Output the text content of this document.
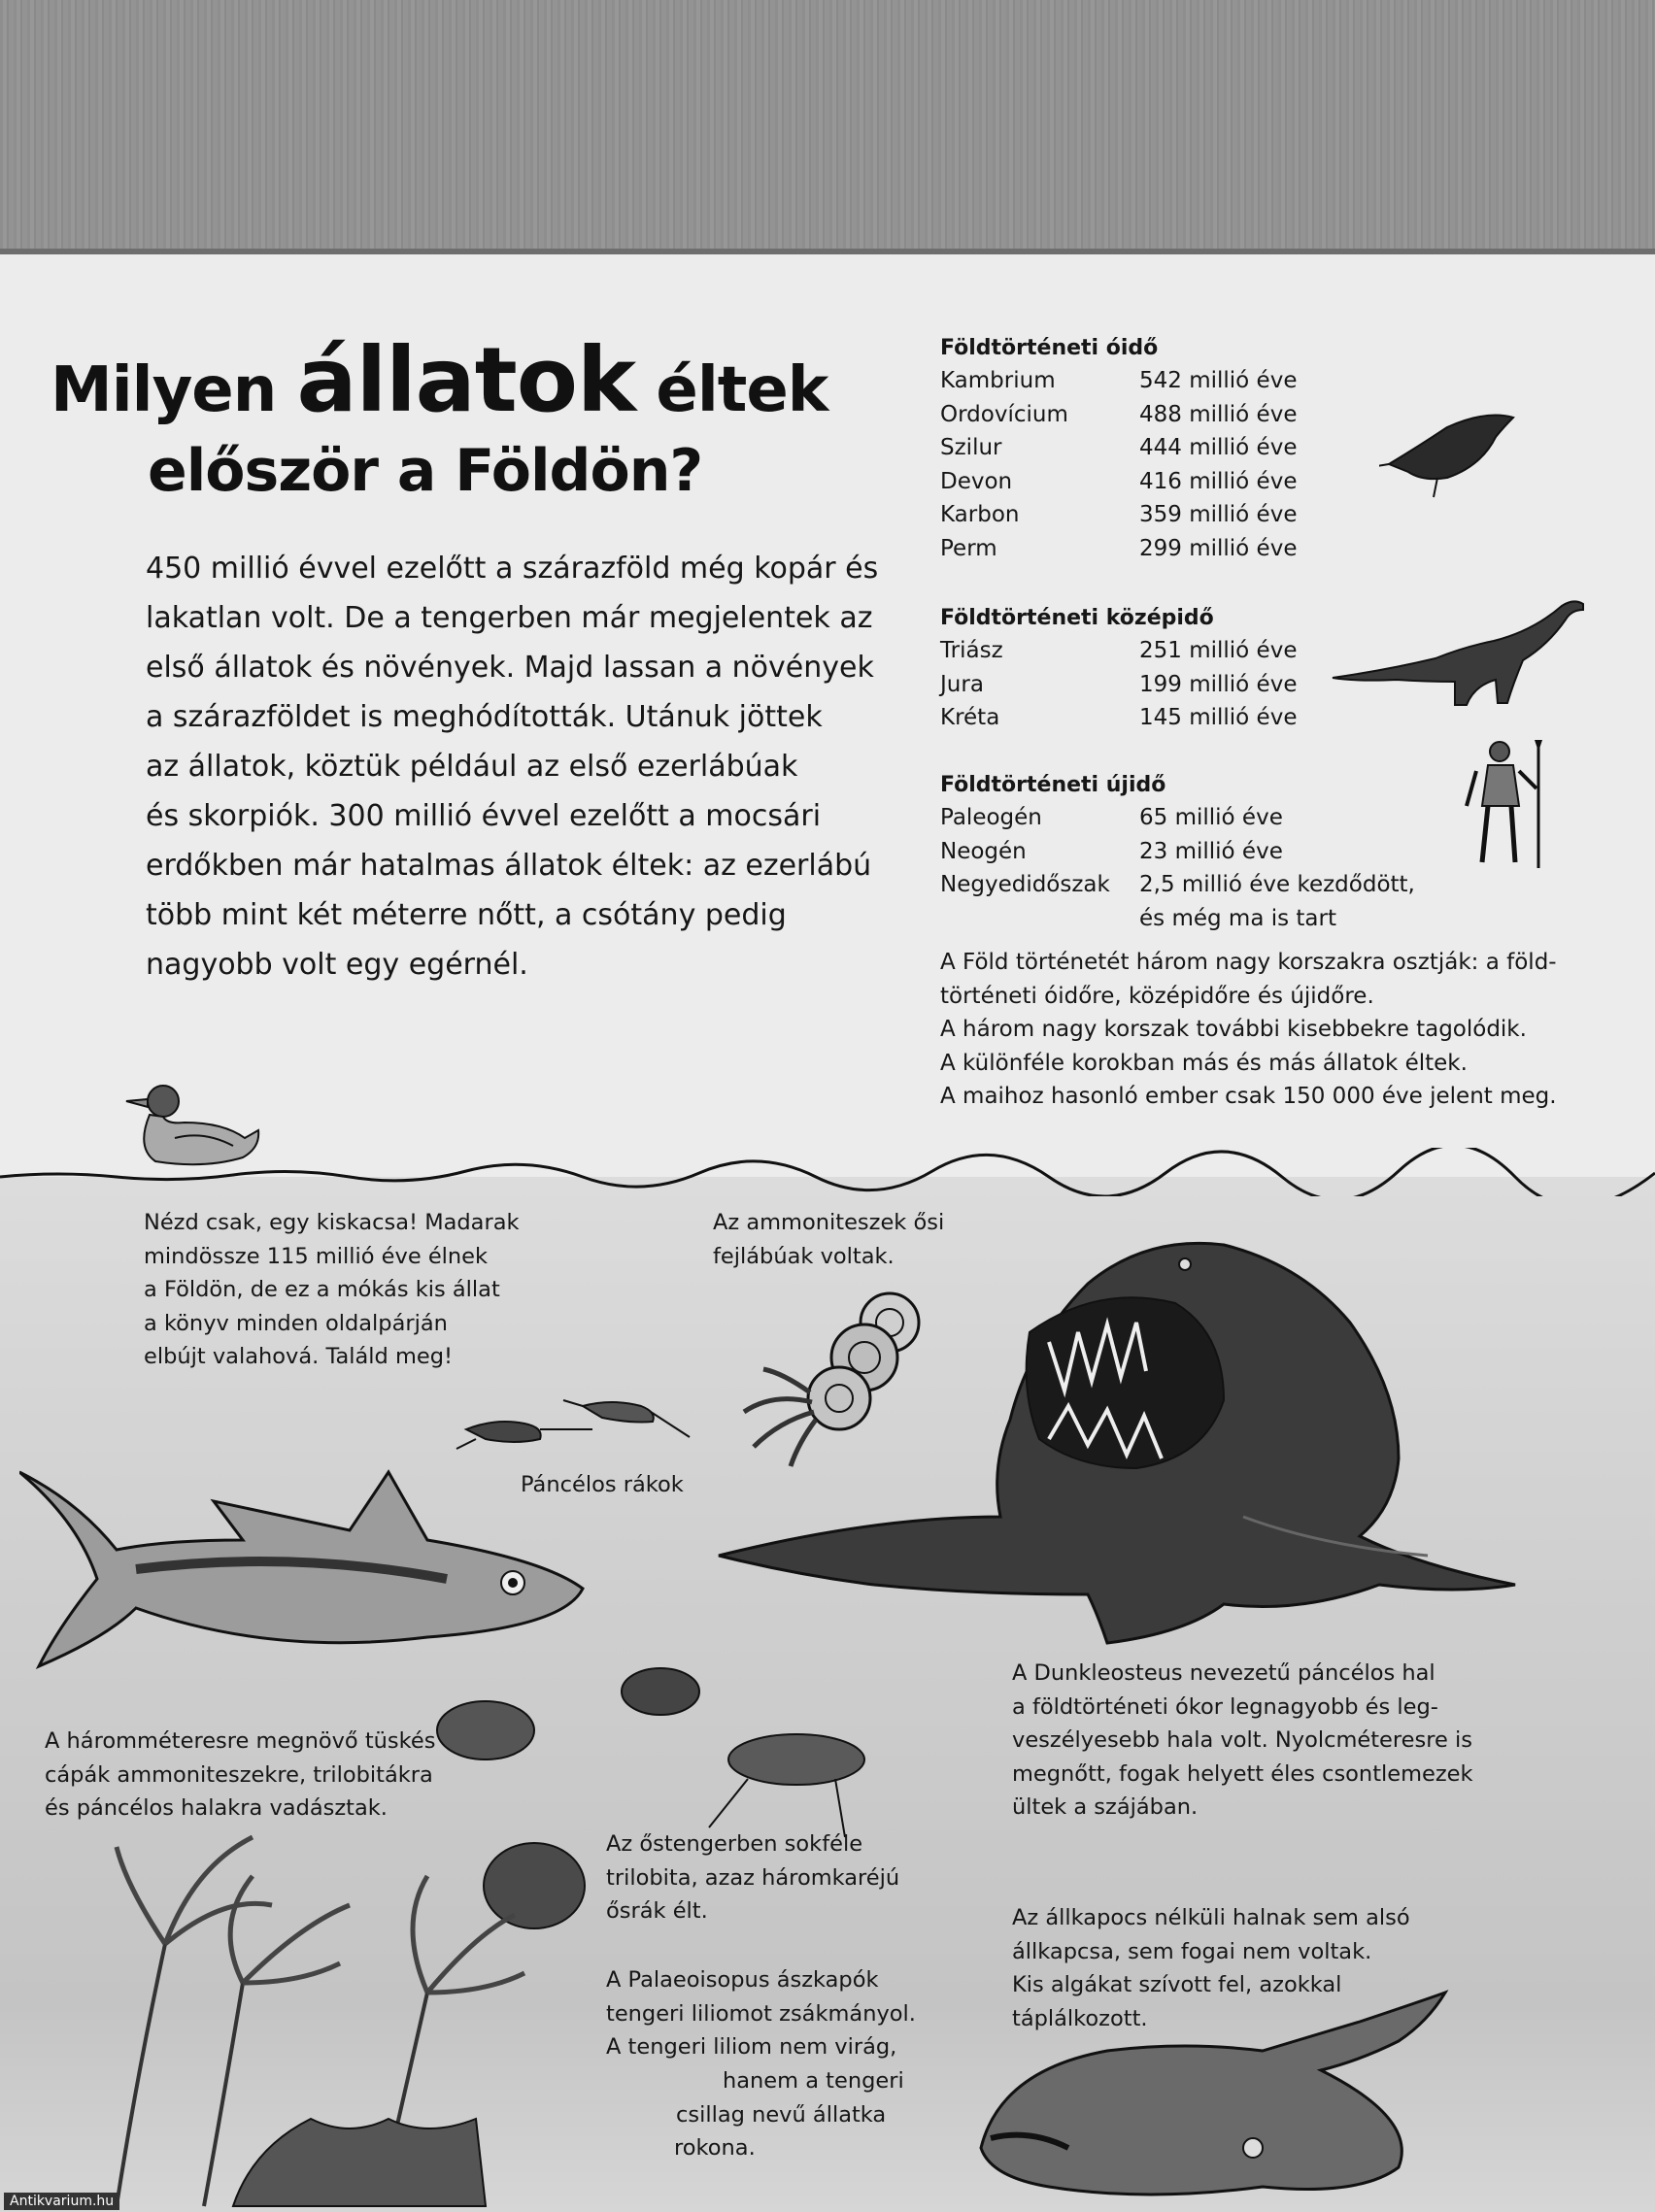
Milyen állatok éltek
először a Földön?

450 millió évvel ezelőtt a szárazföld még kopár és

lakatlan volt. De a tengerben már megjelentek az

első állatok és növények. Majd lassan a növények

a szárazföldet is meghódították. Utánuk jöttek

az állatok, köztük például az első ezerlábúak

és skorpiók. 300 millió évvel ezelőtt a mocsári

erdőkben már hatalmas állatok éltek: az ezerlábú

több mint két méterre nőtt, a csótány pedig

nagyobb volt egy egérnél.

Földtörténeti óidő
Kambrium	542 millió éve
Ordovícium	488 millió éve
Szilur	444 millió éve
Devon	416 millió éve
Karbon	359 millió éve
Perm	299 millió éve
Földtörténeti középidő
Triász	251 millió éve
Jura	199 millió éve
Kréta	145 millió éve
Földtörténeti újidő
Paleogén	65 millió éve
Neogén	23 millió éve
Negyedidőszak	2,5 millió éve kezdődött,
és még ma is tart

A Föld történetét három nagy korszakra osztják: a föld-

történeti óidőre, középidőre és újidőre.

A három nagy korszak további kisebbekre tagolódik.

A különféle korokban más és más állatok éltek.

A maihoz hasonló ember csak 150 000 éve jelent meg.

Nézd csak, egy kiskacsa! Madarak

mindössze 115 millió éve élnek

a Földön, de ez a mókás kis állat

a könyv minden oldalpárján

elbújt valahová. Találd meg!

Az ammoniteszek ősi

fejlábúak voltak.

Páncélos rákok

A háromméteresre megnövő tüskés

cápák ammoniteszekre, trilobitákra

és páncélos halakra vadásztak.

Az őstengerben sokféle

trilobita, azaz háromkaréjú

ősrák élt.

A Dunkleosteus nevezetű páncélos hal

a földtörténeti ókor legnagyobb és leg-

veszélyesebb hala volt. Nyolcméteresre is

megnőtt, fogak helyett éles csontlemezek

ültek a szájában.

Az állkapocs nélküli halnak sem alsó

állkapcsa, sem fogai nem voltak.

Kis algákat szívott fel, azokkal

táplálkozott.

A Palaeoisopus ászkapók

tengeri liliomot zsákmányol.

A tengeri liliom nem virág,

hanem a tengeri

csillag nevű állatka

rokona.

Antikvarium.hu
